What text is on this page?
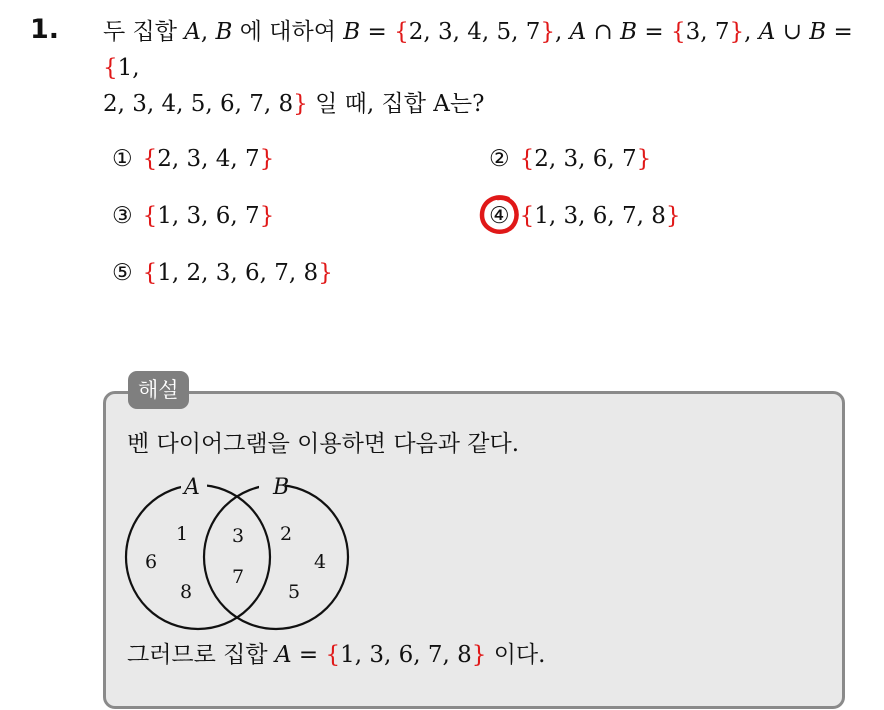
1. 두 집합 A, B 에 대하여 B = {2, 3, 4, 5, 7}, A ∩ B = {3, 7}, A ∪ B = {1,
2, 3, 4, 5, 6, 7, 8} 일 때, 집합 A는?
① {2, 3, 4, 7}	② {2, 3, 6, 7}
③ {1, 3, 6, 7}	④ {1, 3, 6, 7, 8}
⑤ {1, 2, 3, 6, 7, 8}
해설
벤 다이어그램을 이용하면 다음과 같다.
A	B
1
6
8
3
7
2
4
5
그러므로 집합 A = {1, 3, 6, 7, 8} 이다.
